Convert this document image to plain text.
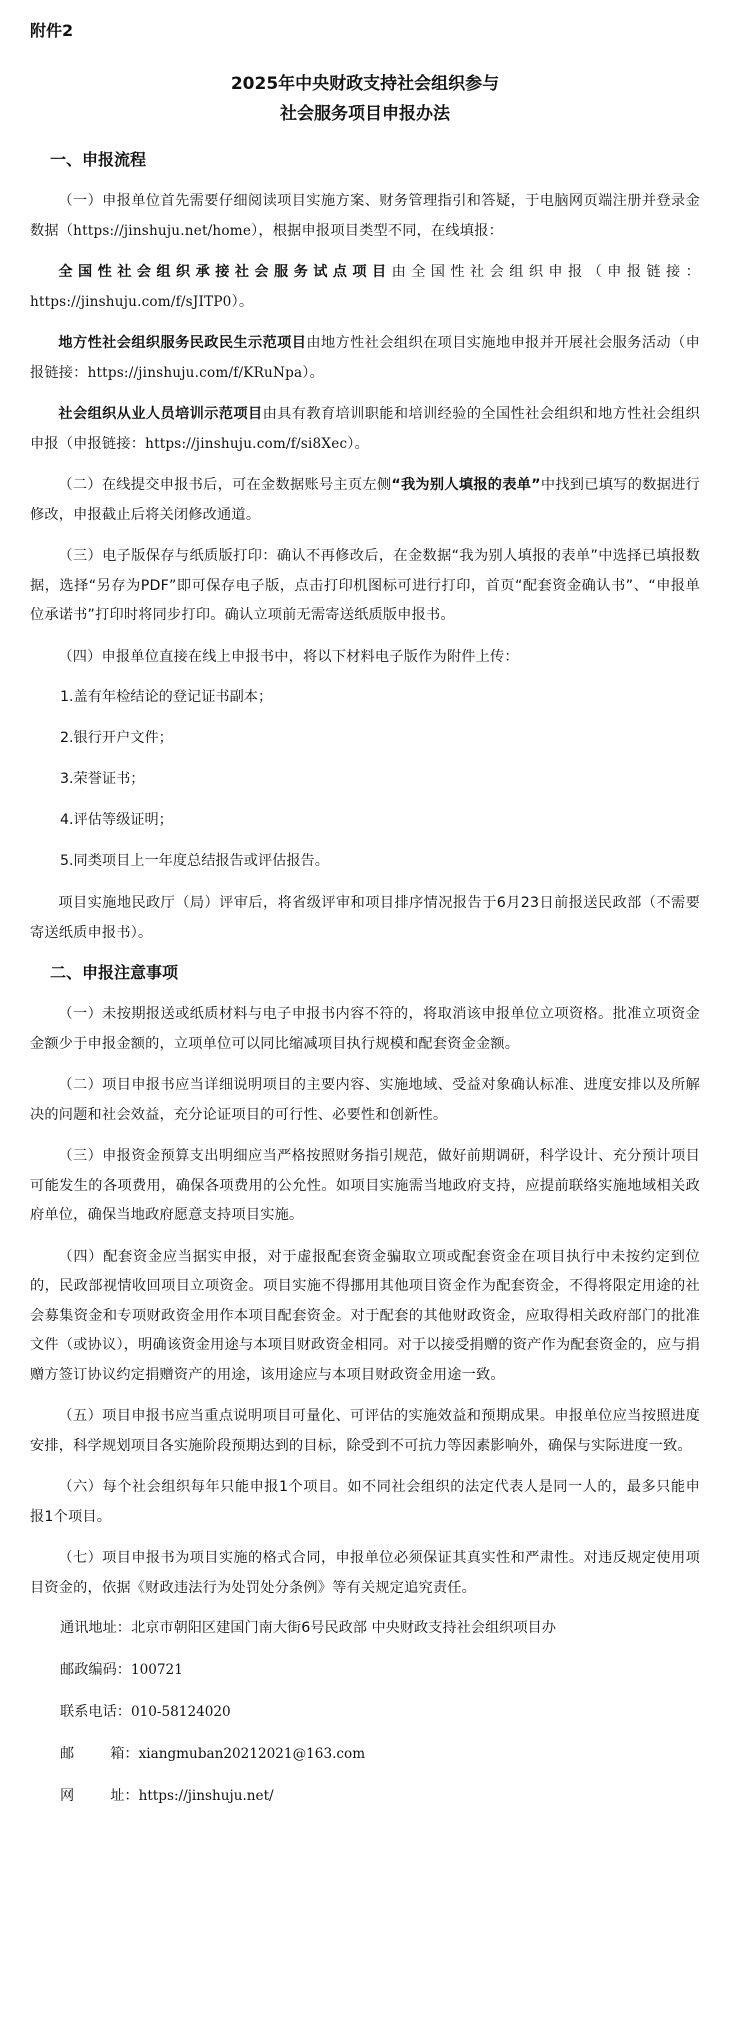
附件2
2025年中央财政支持社会组织参与
社会服务项目申报办法
一、申报流程

（一）申报单位首先需要仔细阅读项目实施方案、财务管理指引和答疑，于电脑网页端注册并登录金数据（https://jinshuju.net/home），根据申报项目类型不同，在线填报：

全国性社会组织承接社会服务试点项目由全国性社会组织申报（申报链接：https://jinshuju.com/f/sJITP0）。

地方性社会组织服务民政民生示范项目由地方性社会组织在项目实施地申报并开展社会服务活动（申报链接：https://jinshuju.com/f/KRuNpa）。

社会组织从业人员培训示范项目由具有教育培训职能和培训经验的全国性社会组织和地方性社会组织申报（申报链接：https://jinshuju.com/f/si8Xec）。

（二）在线提交申报书后，可在金数据账号主页左侧“我为别人填报的表单”中找到已填写的数据进行修改，申报截止后将关闭修改通道。

（三）电子版保存与纸质版打印：确认不再修改后，在金数据“我为别人填报的表单”中选择已填报数据，选择“另存为PDF”即可保存电子版，点击打印机图标可进行打印，首页“配套资金确认书”、“申报单位承诺书”打印时将同步打印。确认立项前无需寄送纸质版申报书。

（四）申报单位直接在线上申报书中，将以下材料电子版作为附件上传：

1.盖有年检结论的登记证书副本；
2.银行开户文件；
3.荣誉证书；
4.评估等级证明；
5.同类项目上一年度总结报告或评估报告。

项目实施地民政厅（局）评审后，将省级评审和项目排序情况报告于6月23日前报送民政部（不需要寄送纸质申报书）。

二、申报注意事项

（一）未按期报送或纸质材料与电子申报书内容不符的，将取消该申报单位立项资格。批准立项资金金额少于申报金额的，立项单位可以同比缩减项目执行规模和配套资金金额。

（二）项目申报书应当详细说明项目的主要内容、实施地域、受益对象确认标准、进度安排以及所解决的问题和社会效益，充分论证项目的可行性、必要性和创新性。

（三）申报资金预算支出明细应当严格按照财务指引规范，做好前期调研，科学设计、充分预计项目可能发生的各项费用，确保各项费用的公允性。如项目实施需当地政府支持，应提前联络实施地域相关政府单位，确保当地政府愿意支持项目实施。

（四）配套资金应当据实申报，对于虚报配套资金骗取立项或配套资金在项目执行中未按约定到位的，民政部视情收回项目立项资金。项目实施不得挪用其他项目资金作为配套资金，不得将限定用途的社会募集资金和专项财政资金用作本项目配套资金。对于配套的其他财政资金，应取得相关政府部门的批准文件（或协议），明确该资金用途与本项目财政资金相同。对于以接受捐赠的资产作为配套资金的，应与捐赠方签订协议约定捐赠资产的用途，该用途应与本项目财政资金用途一致。

（五）项目申报书应当重点说明项目可量化、可评估的实施效益和预期成果。申报单位应当按照进度安排，科学规划项目各实施阶段预期达到的目标，除受到不可抗力等因素影响外，确保与实际进度一致。

（六）每个社会组织每年只能申报1个项目。如不同社会组织的法定代表人是同一人的，最多只能申报1个项目。

（七）项目申报书为项目实施的格式合同，申报单位必须保证其真实性和严肃性。对违反规定使用项目资金的，依据《财政违法行为处罚处分条例》等有关规定追究责任。

通讯地址：北京市朝阳区建国门南大街6号民政部 中央财政支持社会组织项目办
邮政编码：100721
联系电话：010-58124020
邮	箱：xiangmuban20212021@163.com
网	址：https://jinshuju.net/
